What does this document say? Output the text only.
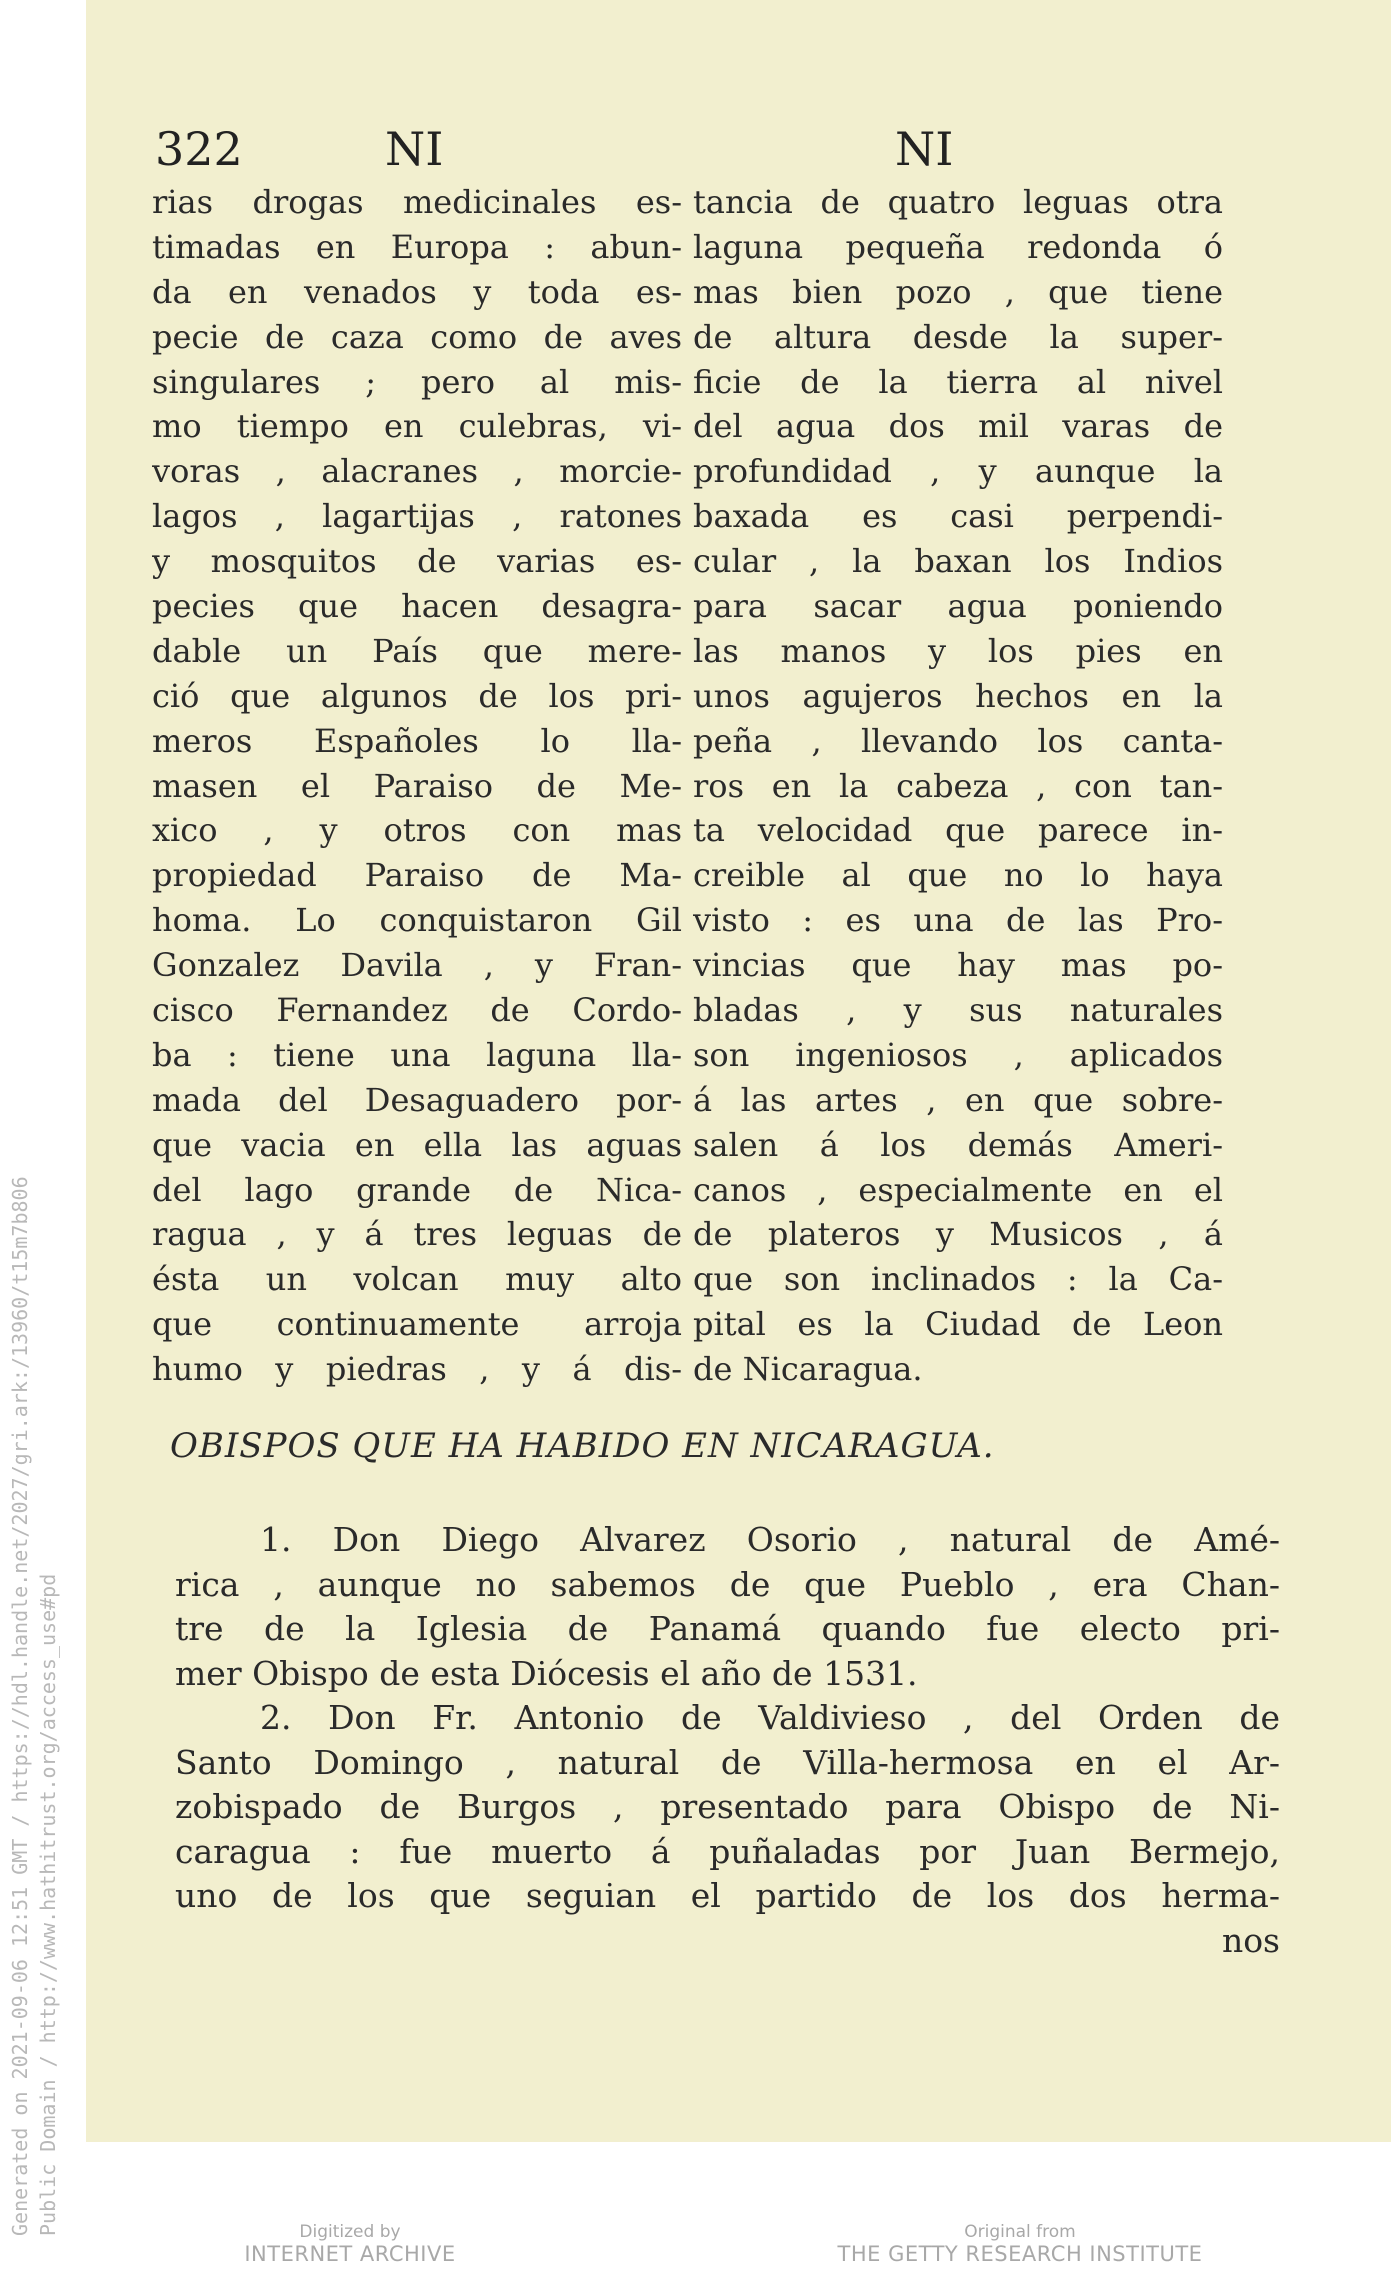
322	NI	NI
rias drogas medicinales es-
timadas en Europa : abun-
da en venados y toda es-
pecie de caza como de aves
singulares ; pero al mis-
mo tiempo en culebras, vi-
voras , alacranes , morcie-
lagos , lagartijas , ratones
y mosquitos de varias es-
pecies que hacen desagra-
dable un País que mere-
ció que algunos de los pri-
meros Españoles lo lla-
masen el Paraiso de Me-
xico , y otros con mas
propiedad Paraiso de Ma-
homa. Lo conquistaron Gil
Gonzalez Davila , y Fran-
cisco Fernandez de Cordo-
ba : tiene una laguna lla-
mada del Desaguadero por-
que vacia en ella las aguas
del lago grande de Nica-
ragua , y á tres leguas de
ésta un volcan muy alto
que continuamente arroja
humo y piedras , y á dis-
tancia de quatro leguas otra
laguna pequeña redonda ó
mas bien pozo , que tiene
de altura desde la super-
ficie de la tierra al nivel
del agua dos mil varas de
profundidad , y aunque la
baxada es casi perpendi-
cular , la baxan los Indios
para sacar agua poniendo
las manos y los pies en
unos agujeros hechos en la
peña , llevando los canta-
ros en la cabeza , con tan-
ta velocidad que parece in-
creible al que no lo haya
visto : es una de las Pro-
vincias que hay mas po-
bladas , y sus naturales
son ingeniosos , aplicados
á las artes , en que sobre-
salen á los demás Ameri-
canos , especialmente en el
de plateros y Musicos , á
que son inclinados : la Ca-
pital es la Ciudad de Leon
de Nicaragua.
OBISPOS QUE HA HABIDO EN NICARAGUA.
1. Don Diego Alvarez Osorio , natural de Amé-
rica , aunque no sabemos de que Pueblo , era Chan-
tre de la Iglesia de Panamá quando fue electo pri-
mer Obispo de esta Diócesis el año de 1531.
2. Don Fr. Antonio de Valdivieso , del Orden de
Santo Domingo , natural de Villa-hermosa en el Ar-
zobispado de Burgos , presentado para Obispo de Ni-
caragua : fue muerto á puñaladas por Juan Bermejo,
uno de los que seguian el partido de los dos herma-
nos
Generated on 2021-09-06 12:51 GMT / https://hdl.handle.net/2027/gri.ark:/13960/t15m7b806 Public Domain / http://www.hathitrust.org/access_use#pd	Digitized by
INTERNET ARCHIVE
Original from
THE GETTY RESEARCH INSTITUTE
